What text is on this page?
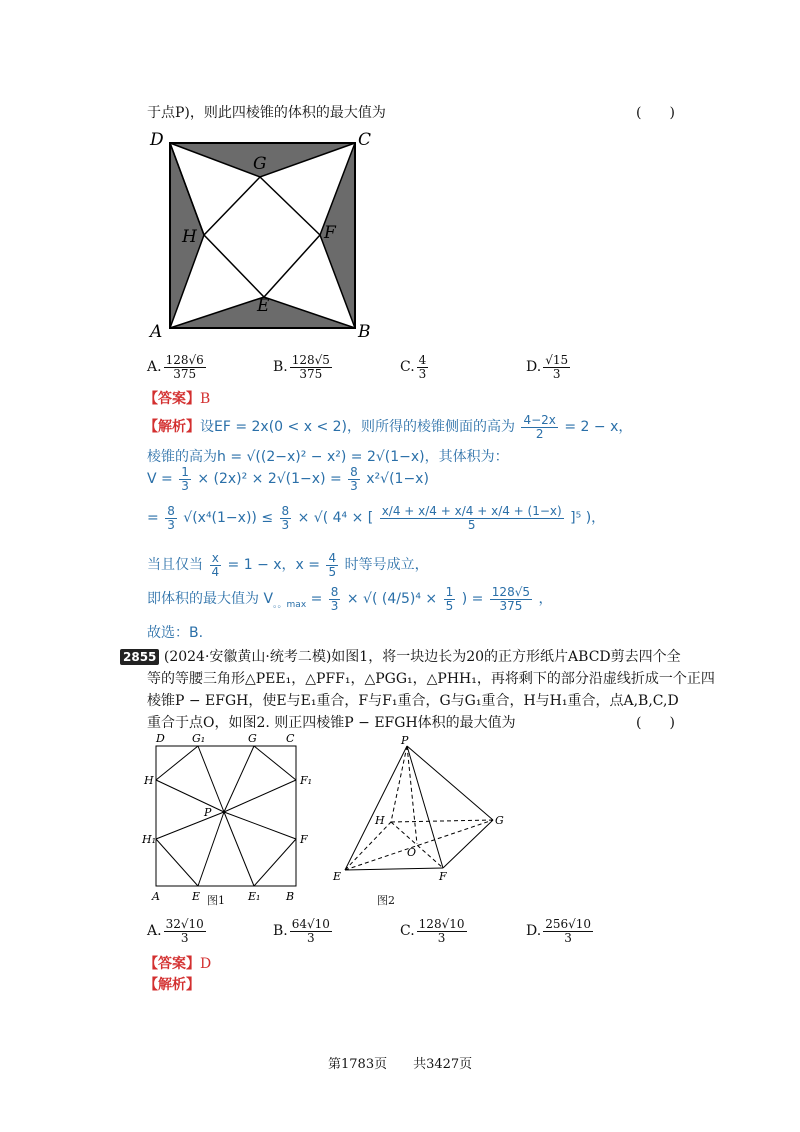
于点P)，则此四棱锥的体积的最大值为	(　　)
D	C
G
H	F
E
A	B
A. $\frac{128√6}{375}$	B. $\frac{128√5}{375}$	C. $\frac{4}{3}$	D. $\frac{√15}{3}$
【答案】B
【解析】设EF = 2x(0 < x < 2)，则所得的棱锥侧面的高为 $\frac{4-2x}{2} = 2 - x$，
棱锥的高为h = √((2−x)² − x²) = 2√(1−x)，其体积为：
$V = \frac{1}{3} \times (2x)^2 \times 2√(1-x) = \frac{8}{3} x^2√(1-x)$
= $\frac{8}{3} √(x^4(1-x)) \le \frac{8}{3}$ × √( 4⁴ × [ $\frac{x/4 + x/4 + x/4 + x/4 + (1-x)}{5} ]^5$ )，
当且仅当 $\frac{x}{4} = 1 - x$，$x = \frac{4}{5}$ 时等号成立，
即体积的最大值为 $V_{。。max} = \frac{8}{3}$ × √( $(4/5)^4 \times \frac{1}{5}$ ) = $\frac{128√5}{375}$ ，
故选：B.
2855 (2024·安徽黄山·统考二模)如图1，将一块边长为20的正方形纸片ABCD剪去四个全
等的等腰三角形△PEE₁，△PFF₁，△PGG₁，△PHH₁，再将剩下的部分沿虚线折成一个正四
棱锥P − EFGH，使E与E₁重合，F与F₁重合，G与G₁重合，H与H₁重合，点A,B,C,D
重合于点O，如图2. 则正四棱锥P − EFGH体积的最大值为	(　　)
D G₁	G	C
H	F₁
P
H₁	F
A	E	E₁ B
图1
P
H	G
O
E	F
图2
A. $\frac{32√10}{3}$	B. $\frac{64√10}{3}$	C. $\frac{128√10}{3}$	D. $\frac{256√10}{3}$
【答案】D
【解析】
第1783页　　共3427页
